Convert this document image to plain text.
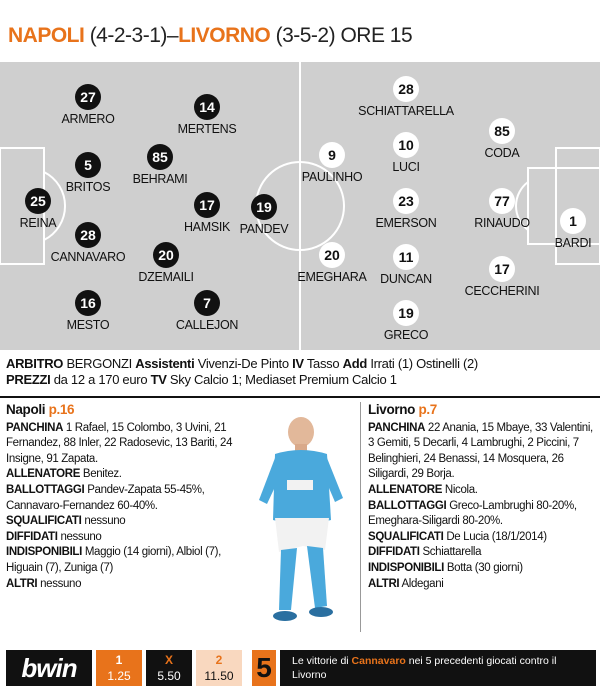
NAPOLI (4-2-3-1)–LIVORNO (3-5-2) ORE 15
25
REINA
27
ARMERO
5
BRITOS
28
CANNAVARO
16
MESTO
85
BEHRAMI
20
DZEMAILI
14
MERTENS
17
HAMSIK
7
CALLEJON
19
PANDEV	1
BARDI
85
CODA
77
RINAUDO
17
CECCHERINI
28
SCHIATTARELLA
10
LUCI
23
EMERSON
11
DUNCAN
19
GRECO
9
PAULINHO
20
EMEGHARA
ARBITRO BERGONZI Assistenti Vivenzi-De Pinto IV Tasso Add Irrati (1) Ostinelli (2)
PREZZI da 12 a 170 euro TV Sky Calcio 1; Mediaset Premium Calcio 1
Napoli p.16
PANCHINA 1 Rafael, 15 Colombo, 3 Uvini, 21 Fernandez, 88 Inler, 22 Radosevic, 13 Bariti, 24 Insigne, 91 Zapata.
ALLENATORE Benitez.
BALLOTTAGGI Pandev-Zapata 55-45%, Cannavaro-Fernandez 60-40%.
SQUALIFICATI nessuno
DIFFIDATI nessuno
INDISPONIBILI Maggio (14 giorni), Albiol (7), Higuain (7), Zuniga (7)
ALTRI nessuno
Livorno p.7
PANCHINA 22 Anania, 15 Mbaye, 33 Valentini, 3 Gemiti, 5 Decarli, 4 Lambrughi, 2 Piccini, 7 Belinghieri, 24 Benassi, 14 Mosquera, 26 Siligardi, 29 Borja.
ALLENATORE Nicola.
BALLOTTAGGI Greco-Lambrughi 80-20%, Emeghara-Siligardi 80-20%.
SQUALIFICATI De Lucia (18/1/2014)
DIFFIDATI Schiattarella
INDISPONIBILI Botta (30 giorni)
ALTRI Aldegani
bwin	1
1.25
X
5.50
2
11.50 5	Le vittorie di Cannavaro nei 5 precedenti giocati contro il Livorno
